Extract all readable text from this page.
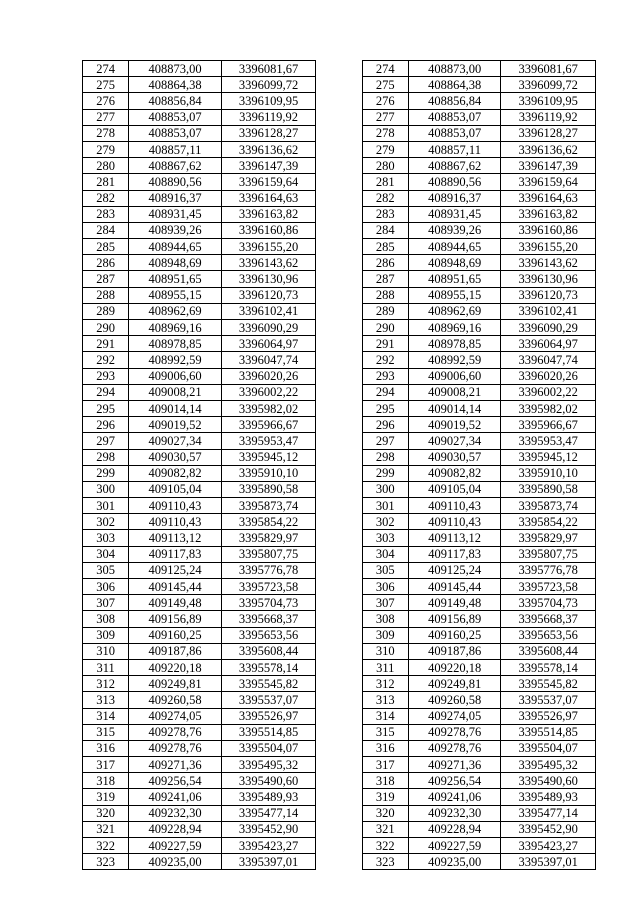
274	408873,00	3396081,67		274	408873,00	3396081,67
275	408864,38	3396099,72		275	408864,38	3396099,72
276	408856,84	3396109,95		276	408856,84	3396109,95
277	408853,07	3396119,92		277	408853,07	3396119,92
278	408853,07	3396128,27		278	408853,07	3396128,27
279	408857,11	3396136,62		279	408857,11	3396136,62
280	408867,62	3396147,39		280	408867,62	3396147,39
281	408890,56	3396159,64		281	408890,56	3396159,64
282	408916,37	3396164,63		282	408916,37	3396164,63
283	408931,45	3396163,82		283	408931,45	3396163,82
284	408939,26	3396160,86		284	408939,26	3396160,86
285	408944,65	3396155,20		285	408944,65	3396155,20
286	408948,69	3396143,62		286	408948,69	3396143,62
287	408951,65	3396130,96		287	408951,65	3396130,96
288	408955,15	3396120,73		288	408955,15	3396120,73
289	408962,69	3396102,41		289	408962,69	3396102,41
290	408969,16	3396090,29		290	408969,16	3396090,29
291	408978,85	3396064,97		291	408978,85	3396064,97
292	408992,59	3396047,74		292	408992,59	3396047,74
293	409006,60	3396020,26		293	409006,60	3396020,26
294	409008,21	3396002,22		294	409008,21	3396002,22
295	409014,14	3395982,02		295	409014,14	3395982,02
296	409019,52	3395966,67		296	409019,52	3395966,67
297	409027,34	3395953,47		297	409027,34	3395953,47
298	409030,57	3395945,12		298	409030,57	3395945,12
299	409082,82	3395910,10		299	409082,82	3395910,10
300	409105,04	3395890,58		300	409105,04	3395890,58
301	409110,43	3395873,74		301	409110,43	3395873,74
302	409110,43	3395854,22		302	409110,43	3395854,22
303	409113,12	3395829,97		303	409113,12	3395829,97
304	409117,83	3395807,75		304	409117,83	3395807,75
305	409125,24	3395776,78		305	409125,24	3395776,78
306	409145,44	3395723,58		306	409145,44	3395723,58
307	409149,48	3395704,73		307	409149,48	3395704,73
308	409156,89	3395668,37		308	409156,89	3395668,37
309	409160,25	3395653,56		309	409160,25	3395653,56
310	409187,86	3395608,44		310	409187,86	3395608,44
311	409220,18	3395578,14		311	409220,18	3395578,14
312	409249,81	3395545,82		312	409249,81	3395545,82
313	409260,58	3395537,07		313	409260,58	3395537,07
314	409274,05	3395526,97		314	409274,05	3395526,97
315	409278,76	3395514,85		315	409278,76	3395514,85
316	409278,76	3395504,07		316	409278,76	3395504,07
317	409271,36	3395495,32		317	409271,36	3395495,32
318	409256,54	3395490,60		318	409256,54	3395490,60
319	409241,06	3395489,93		319	409241,06	3395489,93
320	409232,30	3395477,14		320	409232,30	3395477,14
321	409228,94	3395452,90		321	409228,94	3395452,90
322	409227,59	3395423,27		322	409227,59	3395423,27
323	409235,00	3395397,01		323	409235,00	3395397,01
